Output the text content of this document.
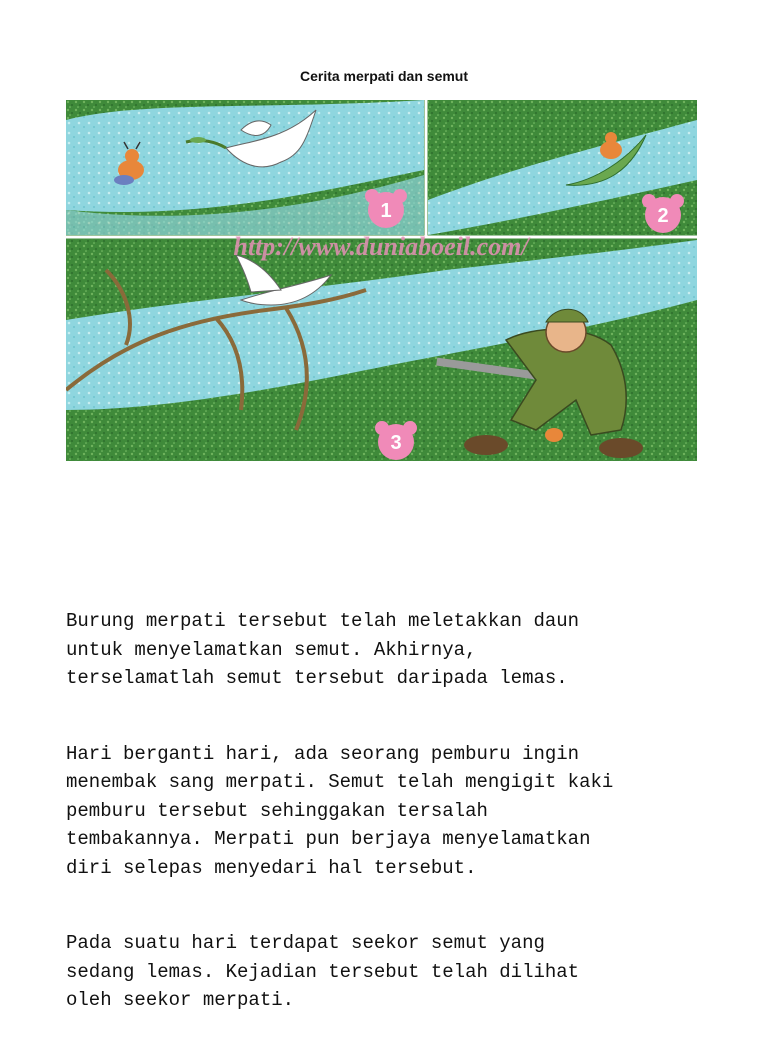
Cerita merpati dan semut
1	2
3
http://www.duniaboeil.com/

Burung merpati tersebut telah meletakkan daun
untuk menyelamatkan semut. Akhirnya,
terselamatlah semut tersebut daripada lemas.

Hari berganti hari, ada seorang pemburu ingin
menembak sang merpati. Semut telah mengigit kaki
pemburu tersebut sehinggakan tersalah
tembakannya. Merpati pun berjaya menyelamatkan
diri selepas menyedari hal tersebut.

Pada suatu hari terdapat seekor semut yang
sedang lemas. Kejadian tersebut telah dilihat
oleh seekor merpati.
